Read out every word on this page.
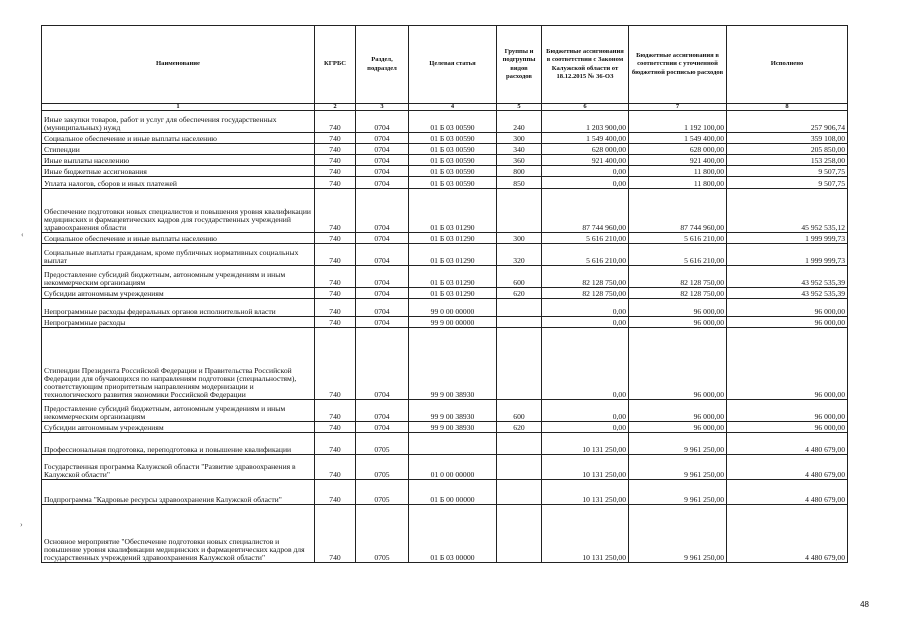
Наименование	КГРБС	Раздел, подраздел	Целевая статья	Группы и подгруппы видов расходов	Бюджетные ассигнования в соответствии с Законом Калужской области от 18.12.2015 № 36-ОЗ	Бюджетные ассигнования в соответствии с уточненной бюджетной росписью расходов	Исполнено
1	2	3	4	5	6	7	8
Иные закупки товаров, работ и услуг для обеспечения государственных (муниципальных) нужд	740	0704	01 Б 03 00590	240	1 203 900,00	1 192 100,00	257 906,74
Социальное обеспечение и иные выплаты населению	740	0704	01 Б 03 00590	300	1 549 400,00	1 549 400,00	359 108,00
Стипендии	740	0704	01 Б 03 00590	340	628 000,00	628 000,00	205 850,00
Иные выплаты населению	740	0704	01 Б 03 00590	360	921 400,00	921 400,00	153 258,00
Иные бюджетные ассигнования	740	0704	01 Б 03 00590	800	0,00	11 800,00	9 507,75
Уплата налогов, сборов и иных платежей	740	0704	01 Б 03 00590	850	0,00	11 800,00	9 507,75
Обеспечение подготовки новых специалистов и повышения уровня квалификации медицинских и фармацевтических кадров для государственных учреждений здравоохранения области	740	0704	01 Б 03 01290		87 744 960,00	87 744 960,00	45 952 535,12
Социальное обеспечение и иные выплаты населению	740	0704	01 Б 03 01290	300	5 616 210,00	5 616 210,00	1 999 999,73
Социальные выплаты гражданам, кроме публичных нормативных социальных выплат	740	0704	01 Б 03 01290	320	5 616 210,00	5 616 210,00	1 999 999,73
Предоставление субсидий бюджетным, автономным учреждениям и иным некоммерческим организациям	740	0704	01 Б 03 01290	600	82 128 750,00	82 128 750,00	43 952 535,39
Субсидии автономным учреждениям	740	0704	01 Б 03 01290	620	82 128 750,00	82 128 750,00	43 952 535,39
Непрограммные расходы федеральных органов исполнительной власти	740	0704	99 0 00 00000		0,00	96 000,00	96 000,00
Непрограммные расходы	740	0704	99 9 00 00000		0,00	96 000,00	96 000,00
Стипендии Президента Российской Федерации и Правительства Российской Федерации для обучающихся по направлениям подготовки (специальностям), соответствующим приоритетным направлениям модернизации и технологического развития экономики Российской Федерации	740	0704	99 9 00 38930		0,00	96 000,00	96 000,00
Предоставление субсидий бюджетным, автономным учреждениям и иным некоммерческим организациям	740	0704	99 9 00 38930	600	0,00	96 000,00	96 000,00
Субсидии автономным учреждениям	740	0704	99 9 00 38930	620	0,00	96 000,00	96 000,00
Профессиональная подготовка, переподготовка и повышение квалификации	740	0705			10 131 250,00	9 961 250,00	4 480 679,00
Государственная программа Калужской области "Развитие здравоохранения в Калужской области"	740	0705	01 0 00 00000		10 131 250,00	9 961 250,00	4 480 679,00
Подпрограмма "Кадровые ресурсы здравоохранения Калужской области"	740	0705	01 Б 00 00000		10 131 250,00	9 961 250,00	4 480 679,00
Основное мероприятие "Обеспечение подготовки новых специалистов и повышение уровня квалификации медицинских и фармацевтических кадров для государственных учреждений здравоохранения Калужской области"	740	0705	01 Б 03 00000		10 131 250,00	9 961 250,00	4 480 679,00
‹
›
48
